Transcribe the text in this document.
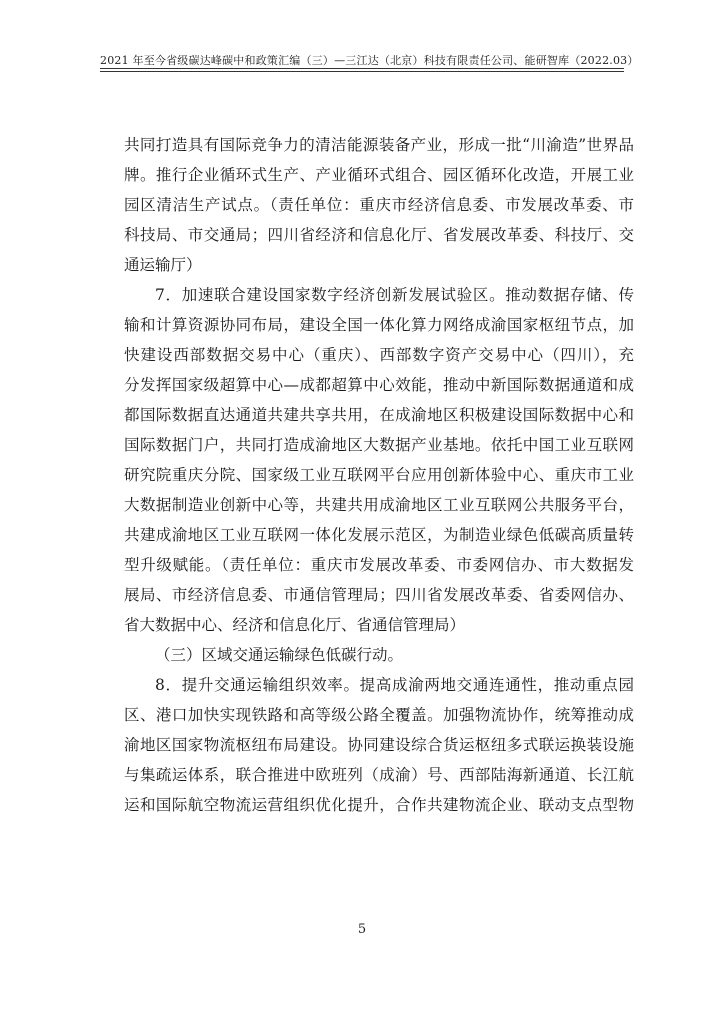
2021 年至今省级碳达峰碳中和政策汇编（三）—三江达（北京）科技有限责任公司、能研智库（2022.03）
共同打造具有国际竞争力的清洁能源装备产业，形成一批“川渝造”世界品
牌。推行企业循环式生产、产业循环式组合、园区循环化改造，开展工业
园区清洁生产试点。（责任单位：重庆市经济信息委、市发展改革委、市
科技局、市交通局；四川省经济和信息化厅、省发展改革委、科技厅、交
通运输厅）
7．加速联合建设国家数字经济创新发展试验区。推动数据存储、传
输和计算资源协同布局，建设全国一体化算力网络成渝国家枢纽节点，加
快建设西部数据交易中心（重庆）、西部数字资产交易中心（四川），充
分发挥国家级超算中心—成都超算中心效能，推动中新国际数据通道和成
都国际数据直达通道共建共享共用，在成渝地区积极建设国际数据中心和
国际数据门户，共同打造成渝地区大数据产业基地。依托中国工业互联网
研究院重庆分院、国家级工业互联网平台应用创新体验中心、重庆市工业
大数据制造业创新中心等，共建共用成渝地区工业互联网公共服务平台，
共建成渝地区工业互联网一体化发展示范区，为制造业绿色低碳高质量转
型升级赋能。（责任单位：重庆市发展改革委、市委网信办、市大数据发
展局、市经济信息委、市通信管理局；四川省发展改革委、省委网信办、
省大数据中心、经济和信息化厅、省通信管理局）
（三）区域交通运输绿色低碳行动。
8．提升交通运输组织效率。提高成渝两地交通连通性，推动重点园
区、港口加快实现铁路和高等级公路全覆盖。加强物流协作，统筹推动成
渝地区国家物流枢纽布局建设。协同建设综合货运枢纽多式联运换装设施
与集疏运体系，联合推进中欧班列（成渝）号、西部陆海新通道、长江航
运和国际航空物流运营组织优化提升，合作共建物流企业、联动支点型物
5
